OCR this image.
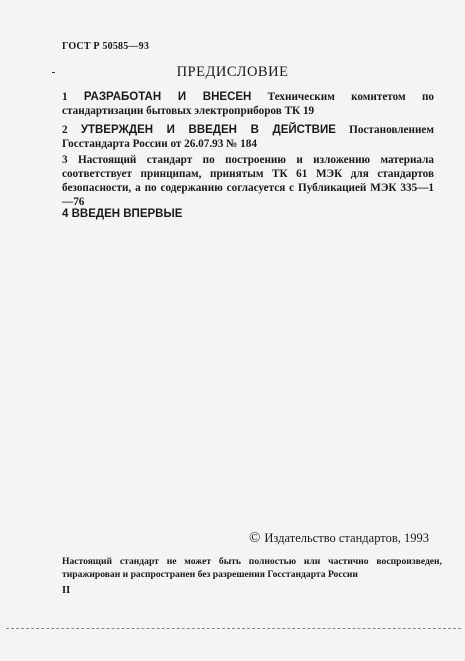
ГОСТ Р 50585—93
ПРЕДИСЛОВИЕ
1 РАЗРАБОТАН И ВНЕСЕН Техническим комитетом по стандартизации бытовых электроприборов ТК 19
2 УТВЕРЖДЕН И ВВЕДЕН В ДЕЙСТВИЕ Постановлением Госстандарта России от 26.07.93 № 184
3 Настоящий стандарт по построению и изложению материала соответствует принципам, принятым ТК 61 МЭК для стандартов безопасности, а по содержанию согласуется с Публикацией МЭК 335—1—76
4 ВВЕДЕН ВПЕРВЫЕ
© Издательство стандартов, 1993
Настоящий стандарт не может быть полностью или частично воспроизведен, тиражирован и распространен без разрешения Госстандарта России
II
